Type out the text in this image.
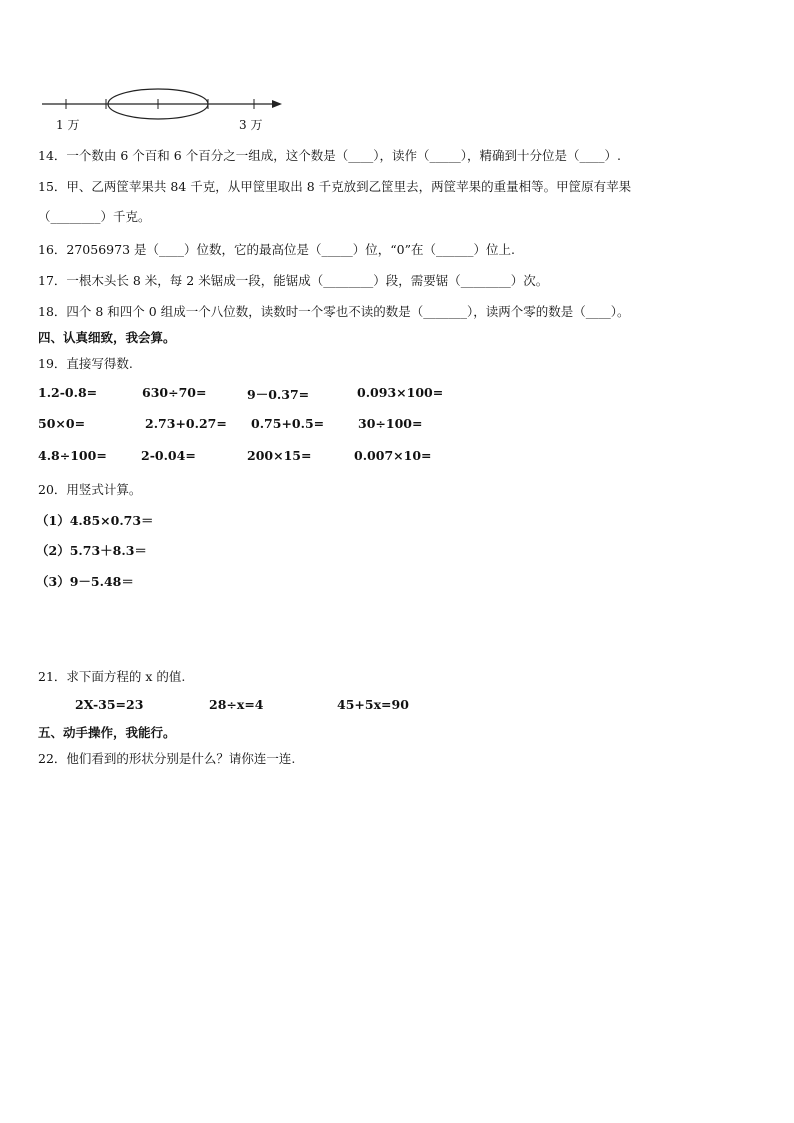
1 万	3 万
14．一个数由 6 个百和 6 个百分之一组成，这个数是（____），读作（_____），精确到十分位是（____）.
15．甲、乙两筐苹果共 84 千克，从甲筐里取出 8 千克放到乙筐里去，两筐苹果的重量相等。甲筐原有苹果
（________）千克。
16．27056973 是（____）位数，它的最高位是（_____）位，“0”在（______）位上.
17．一根木头长 8 米，每 2 米锯成一段，能锯成（________）段，需要锯（________）次。
18．四个 8 和四个 0 组成一个八位数，读数时一个零也不读的数是（_______），读两个零的数是（____）。
四、认真细致，我会算。
19．直接写得数.
1.2-0.8=	630÷70=	9－0.37=	0.093×100=
50×0=	2.73+0.27= 0.75+0.5=	30÷100=
4.8÷100=	2-0.04=	200×15=	0.007×10=
20．用竖式计算。
（1）4.85×0.73＝
（2）5.73＋8.3＝
（3）9－5.48＝
21．求下面方程的 x 的值.
2X-35=23	28÷x=4	45+5x=90
五、动手操作，我能行。
22．他们看到的形状分别是什么？请你连一连.
